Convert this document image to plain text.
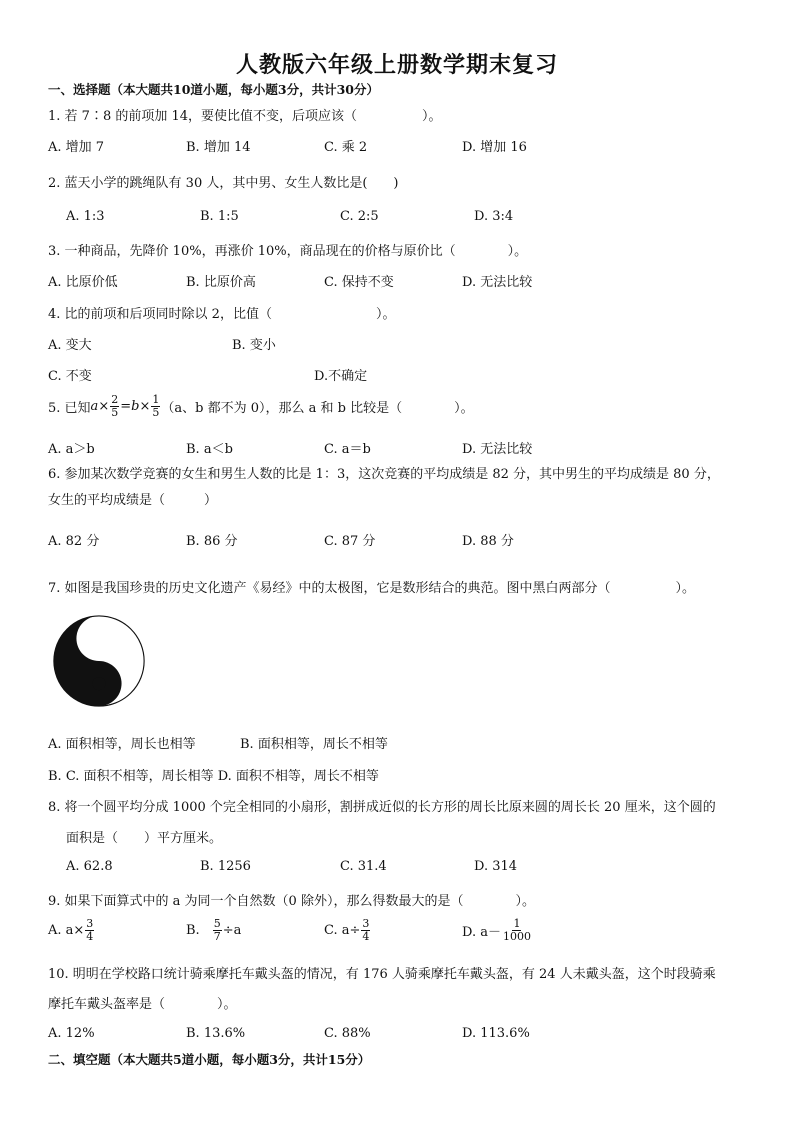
人教版六年级上册数学期末复习
一、选择题（本大题共10道小题，每小题3分，共计30分）
1. 若 7∶8 的前项加 14，要使比值不变，后项应该（　　　　　）。
A. 增加 7	B. 增加 14	C. 乘 2	D. 增加 16
2. 蓝天小学的跳绳队有 30 人，其中男、女生人数比是(　　)
A. 1:3	B. 1:5	C. 2:5	D. 3:4
3. 一种商品，先降价 10%，再涨价 10%，商品现在的价格与原价比（　　　　）。
A. 比原价低	B. 比原价高	C. 保持不变	D. 无法比较
4. 比的前项和后项同时除以 2，比值（　　　　　　　　）。
A. 变大	B. 变小
C. 不变	D.不确定
5. 已知 $a \times \frac{2}{5} = b \times \frac{1}{5} (a$、b 都不为 0），那么 a 和 b 比较是（　　　　）。
A. a＞b	B. a＜b	C. a＝b	D. 无法比较
6. 参加某次数学竞赛的女生和男生人数的比是 1：3，这次竞赛的平均成绩是 82 分，其中男生的平均成绩是 80 分，
女生的平均成绩是（　　　）
A. 82 分	B. 86 分	C. 87 分	D. 88 分
7. 如图是我国珍贵的历史文化遗产《易经》中的太极图，它是数形结合的典范。图中黑白两部分（　　　　　）。
A. 面积相等，周长也相等	B. 面积相等，周长不相等
B. C. 面积不相等，周长相等 D. 面积不相等，周长不相等
8. 将一个圆平均分成 1000 个完全相同的小扇形，割拼成近似的长方形的周长比原来圆的周长长 20 厘米，这个圆的
面积是（　　）平方厘米。
A. 62.8	B. 1256	C. 31.4	D. 314
9. 如果下面算式中的 a 为同一个自然数（0 除外），那么得数最大的是（　　　　）。
A. $a\times \frac{3}{4}$	B. $\frac{5}{7} \div a$	C. $a\div \frac{3}{4}$	D. $a- \frac{1}{1000}$
10. 明明在学校路口统计骑乘摩托车戴头盔的情况，有 176 人骑乘摩托车戴头盔，有 24 人未戴头盔，这个时段骑乘
摩托车戴头盔率是（　　　　）。
A. 12%	B. 13.6%	C. 88%	D. 113.6%
二、填空题（本大题共5道小题，每小题3分，共计15分）
